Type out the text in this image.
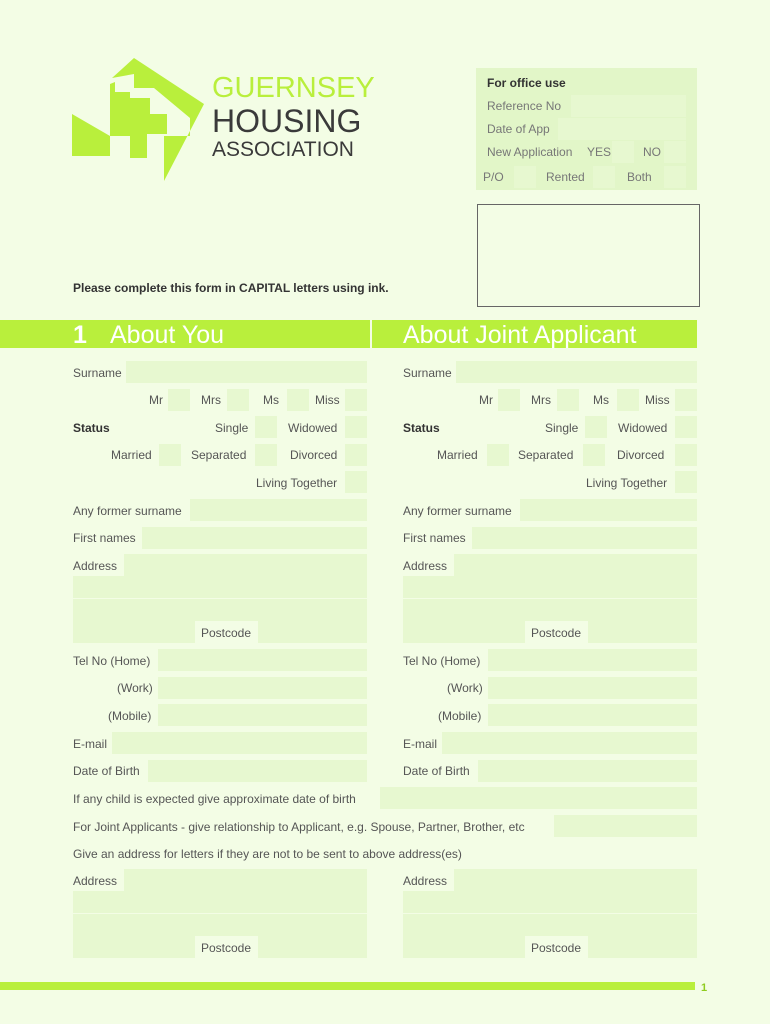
GUERNSEY
HOUSING
ASSOCIATION
For office use
Reference No
Date of App
New Application YES	NO
P/O	Rented	Both
Please complete this form in CAPITAL letters using ink.
1 About You	About Joint Applicant
Surname
Mr	Mrs	Ms	Miss
Status	Single	Widowed
Married	Separated	Divorced
Living Together
Any former surname
First names
Address
Postcode
Tel No (Home)
(Work)
(Mobile)
E-mail
Date of Birth
Surname
Mr	Mrs	Ms	Miss
Status	Single	Widowed
Married	Separated	Divorced
Living Together
Any former surname
First names
Address
Postcode
Tel No (Home)
(Work)
(Mobile)
E-mail
Date of Birth
If any child is expected give approximate date of birth
For Joint Applicants - give relationship to Applicant, e.g. Spouse, Partner, Brother, etc
Give an address for letters if they are not to be sent to above address(es)
Address
Postcode
Address
Postcode
1
